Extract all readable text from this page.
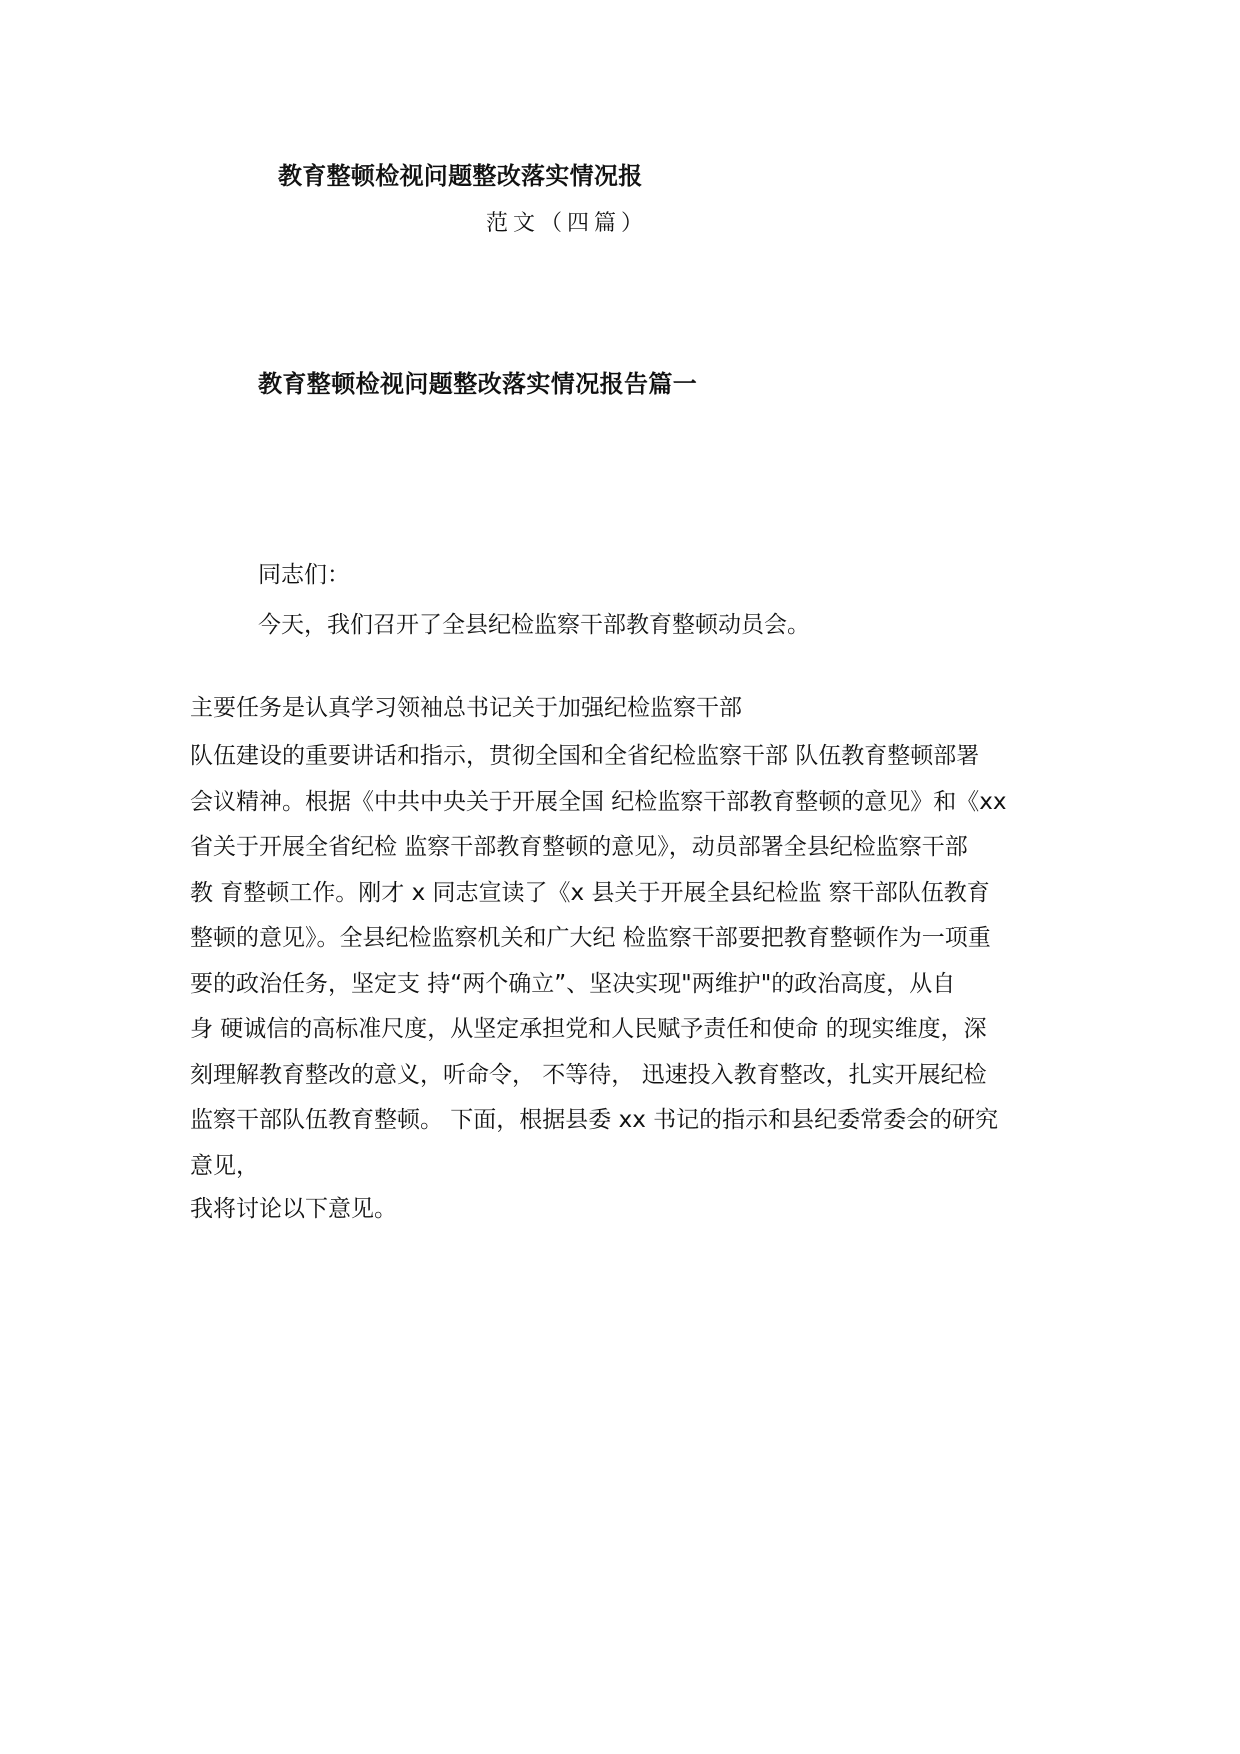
教育整顿检视问题整改落实情况报
范文（四篇）
教育整顿检视问题整改落实情况报告篇一

同志们：

今天，我们召开了全县纪检监察干部教育整顿动员会。

主要任务是认真学习领袖总书记关于加强纪检监察干部
队伍建设的重要讲话和指示，贯彻全国和全省纪检监察干部 队伍教育整顿部署
会议精神。根据《中共中央关于开展全国 纪检监察干部教育整顿的意见》和《xx
省关于开展全省纪检 监察干部教育整顿的意见》，动员部署全县纪检监察干部
教 育整顿工作。刚才 x 同志宣读了《x 县关于开展全县纪检监 察干部队伍教育
整顿的意见》。全县纪检监察机关和广大纪 检监察干部要把教育整顿作为一项重
要的政治任务，坚定支 持“两个确立”、坚决实现"两维护"的政治高度，从自
身 硬诚信的高标准尺度，从坚定承担党和人民赋予责任和使命 的现实维度，深
刻理解教育整改的意义，听命令， 不等待， 迅速投入教育整改，扎实开展纪检
监察干部队伍教育整顿。 下面，根据县委 xx 书记的指示和县纪委常委会的研究
意见，
我将讨论以下意见。
